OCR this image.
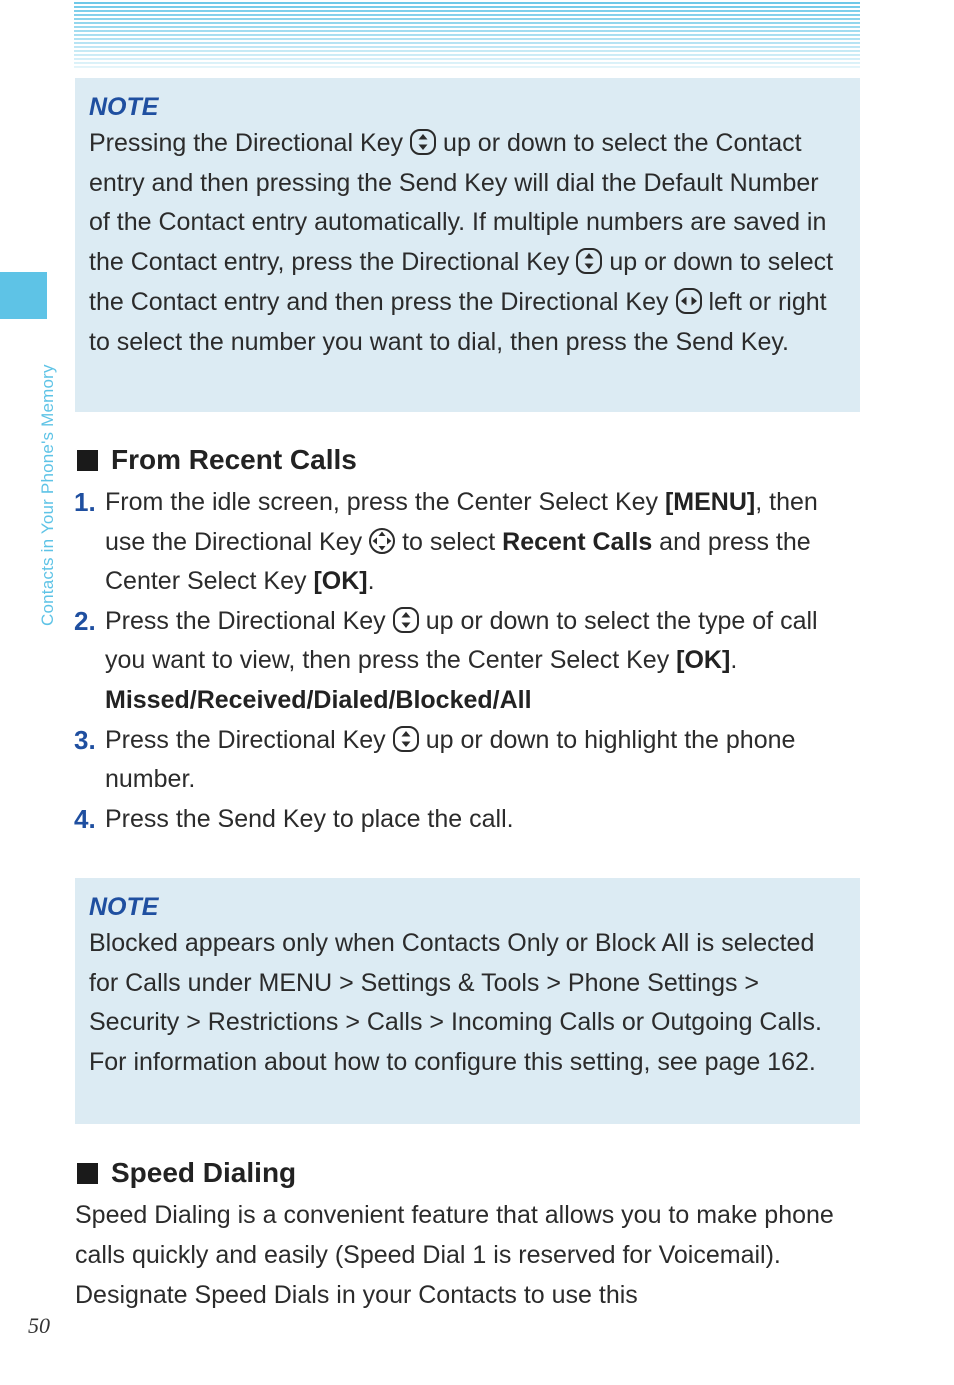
Contacts in Your Phone's Memory
NOTE
Pressing the Directional Key up or down to select the Contact entry and then pressing the Send Key will dial the Default Number of the Contact entry automatically. If multiple numbers are saved in the Contact entry, press the Directional Key up or down to select the Contact entry and then press the Directional Key left or right to select the number you want to dial, then press the Send Key.
From Recent Calls
1. From the idle screen, press the Center Select Key [MENU], then use the Directional Key to select Recent Calls and press the Center Select Key [OK].
2. Press the Directional Key up or down to select the type of call you want to view, then press the Center Select Key [OK].
Missed/Received/Dialed/Blocked/All
3. Press the Directional Key up or down to highlight the phone number.
4. Press the Send Key to place the call.
NOTE
Blocked appears only when Contacts Only or Block All is selected for Calls under MENU > Settings & Tools > Phone Settings > Security > Restrictions > Calls > Incoming Calls or Outgoing Calls. For information about how to configure this setting, see page 162.
Speed Dialing
Speed Dialing is a convenient feature that allows you to make phone calls quickly and easily (Speed Dial 1 is reserved for Voicemail). Designate Speed Dials in your Contacts to use this
50
